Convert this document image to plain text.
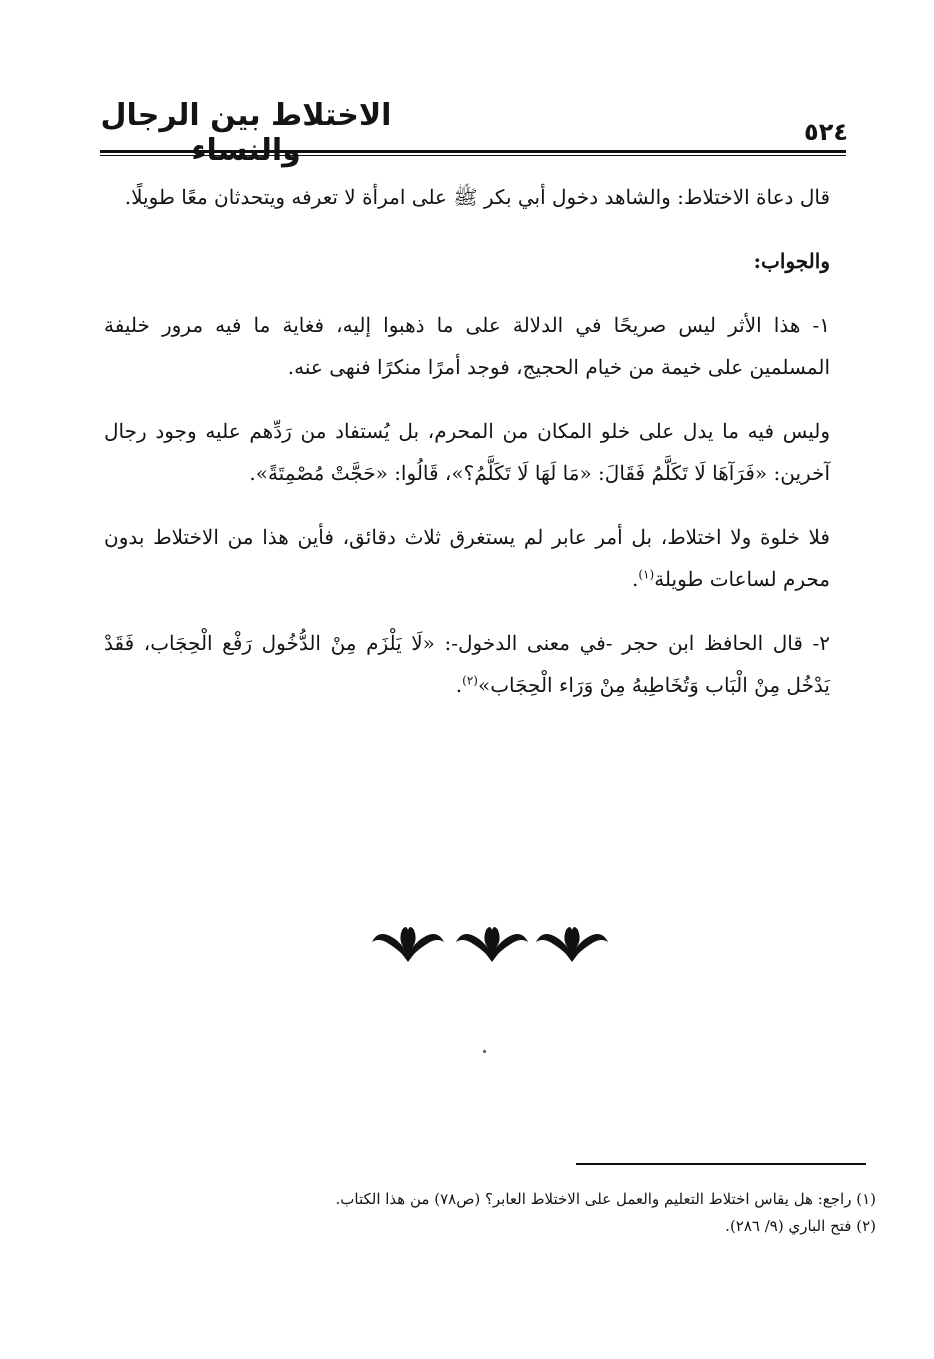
الاختلاط بين الرجال	٥٢٤

قال دعاة الاختلاط: والشاهد دخول أبي بكر ﷺ على امرأة لا تعرفه ويتحدثان معًا طويلًا.

والجواب:

١- هذا الأثر ليس صريحًا في الدلالة على ما ذهبوا إليه، فغاية ما فيه مرور خليفة المسلمين على خيمة من خيام الحجيج، فوجد أمرًا منكرًا فنهى عنه.

وليس فيه ما يدل على خلو المكان من المحرم، بل يُستفاد من رَدِّهم عليه وجود رجال آخرين: «فَرَآهَا لَا تَكَلَّمُ فَقَالَ: «مَا لَهَا لَا تَكَلَّمُ؟»، قَالُوا: «حَجَّتْ مُصْمِتَةً».

فلا خلوة ولا اختلاط، بل أمر عابر لم يستغرق ثلاث دقائق، فأين هذا من الاختلاط بدون محرم لساعات طويلة$^{(١)}$.

٢- قال الحافظ ابن حجر -في معنى الدخول-: «لَا يَلْزَم مِنْ الدُّخُول رَفْع الْحِجَاب، فَقَدْ يَدْخُل مِنْ الْبَاب وَتُخَاطِبهُ مِنْ وَرَاء الْحِجَاب»$^{(٢)}$.

(١) راجع: هل يقاس اختلاط التعليم والعمل على الاختلاط العابر؟ (ص٧٨) من هذا الكتاب.

(٢) فتح الباري (٩/ ٢٨٦).
